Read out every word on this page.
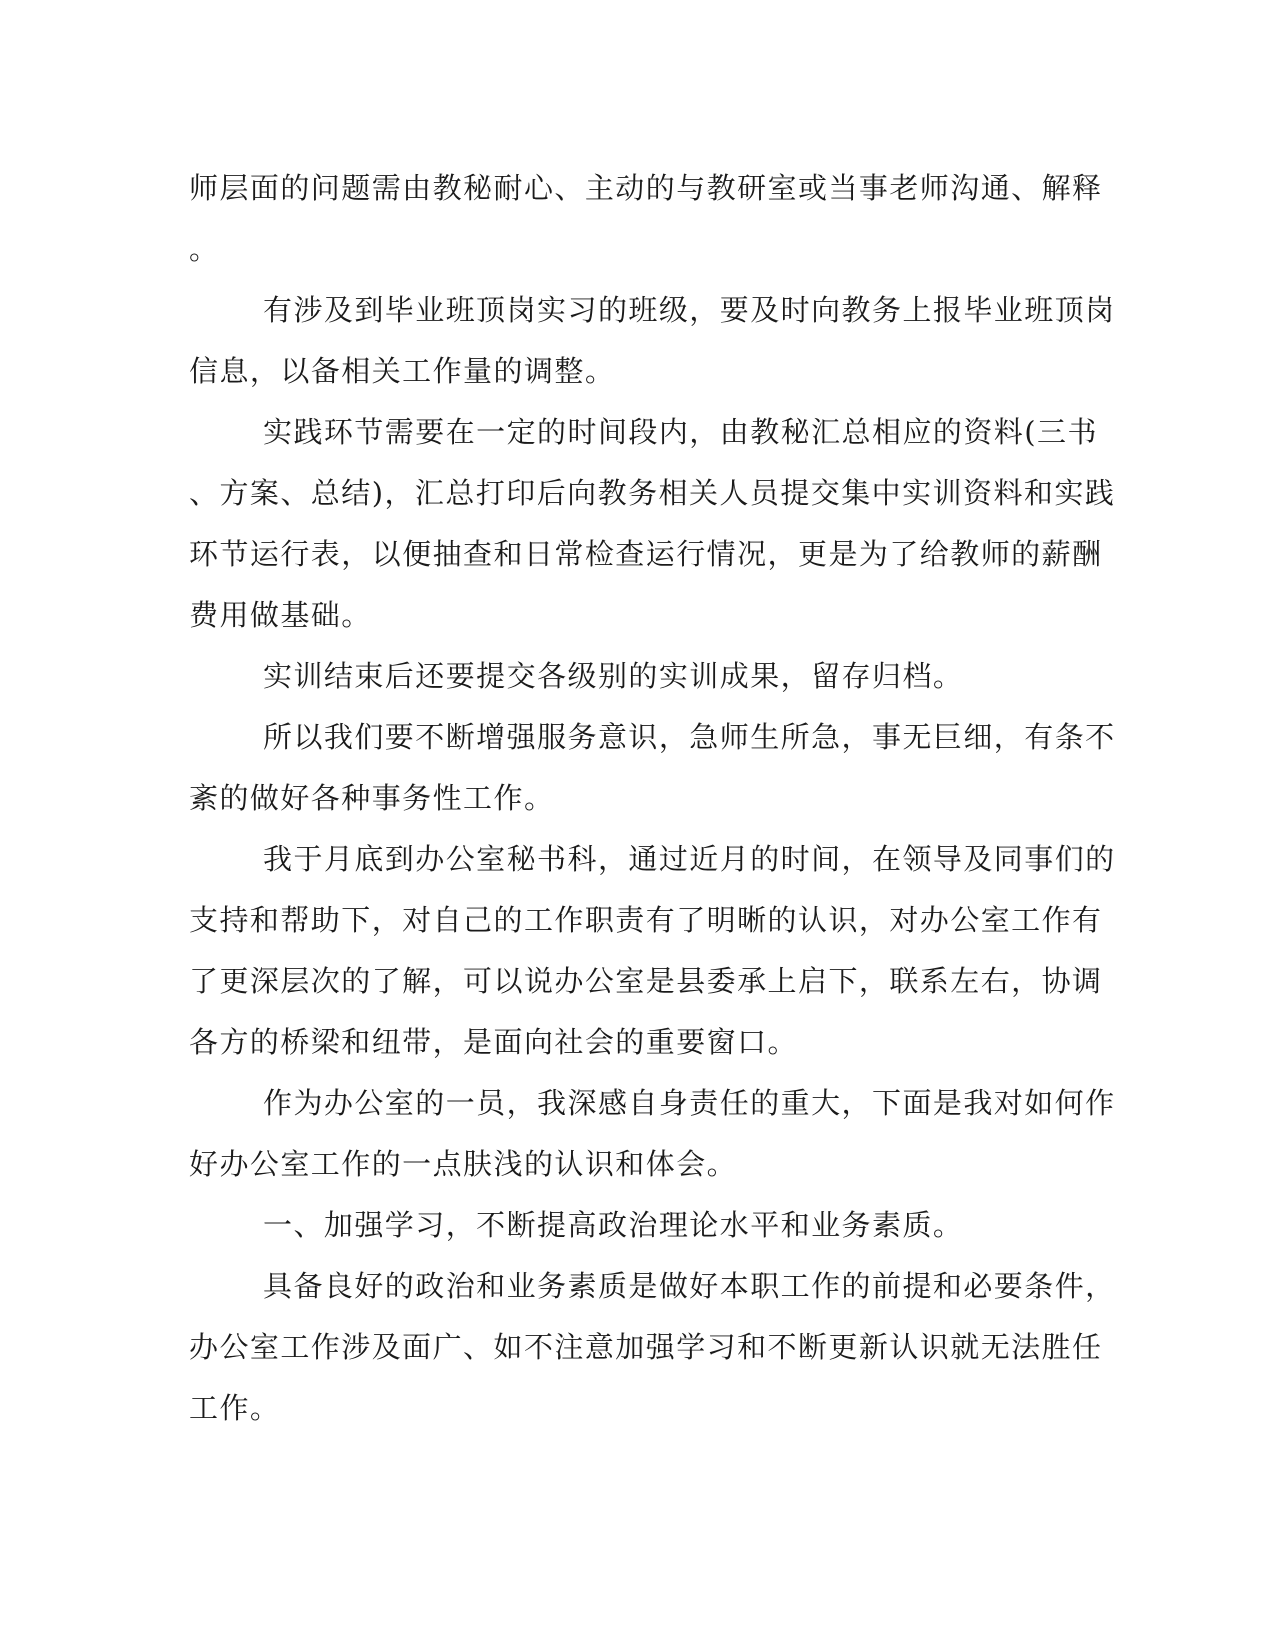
师层面的问题需由教秘耐心、主动的与教研室或当事老师沟通、解释
。
有涉及到毕业班顶岗实习的班级，要及时向教务上报毕业班顶岗
信息，以备相关工作量的调整。
实践环节需要在一定的时间段内，由教秘汇总相应的资料(三书
、方案、总结)，汇总打印后向教务相关人员提交集中实训资料和实践
环节运行表，以便抽查和日常检查运行情况，更是为了给教师的薪酬
费用做基础。
实训结束后还要提交各级别的实训成果，留存归档。
所以我们要不断增强服务意识，急师生所急，事无巨细，有条不
紊的做好各种事务性工作。
我于月底到办公室秘书科，通过近月的时间，在领导及同事们的
支持和帮助下，对自己的工作职责有了明晰的认识，对办公室工作有
了更深层次的了解，可以说办公室是县委承上启下，联系左右，协调
各方的桥梁和纽带，是面向社会的重要窗口。
作为办公室的一员，我深感自身责任的重大，下面是我对如何作
好办公室工作的一点肤浅的认识和体会。
一、加强学习，不断提高政治理论水平和业务素质。
具备良好的政治和业务素质是做好本职工作的前提和必要条件，
办公室工作涉及面广、如不注意加强学习和不断更新认识就无法胜任
工作。
